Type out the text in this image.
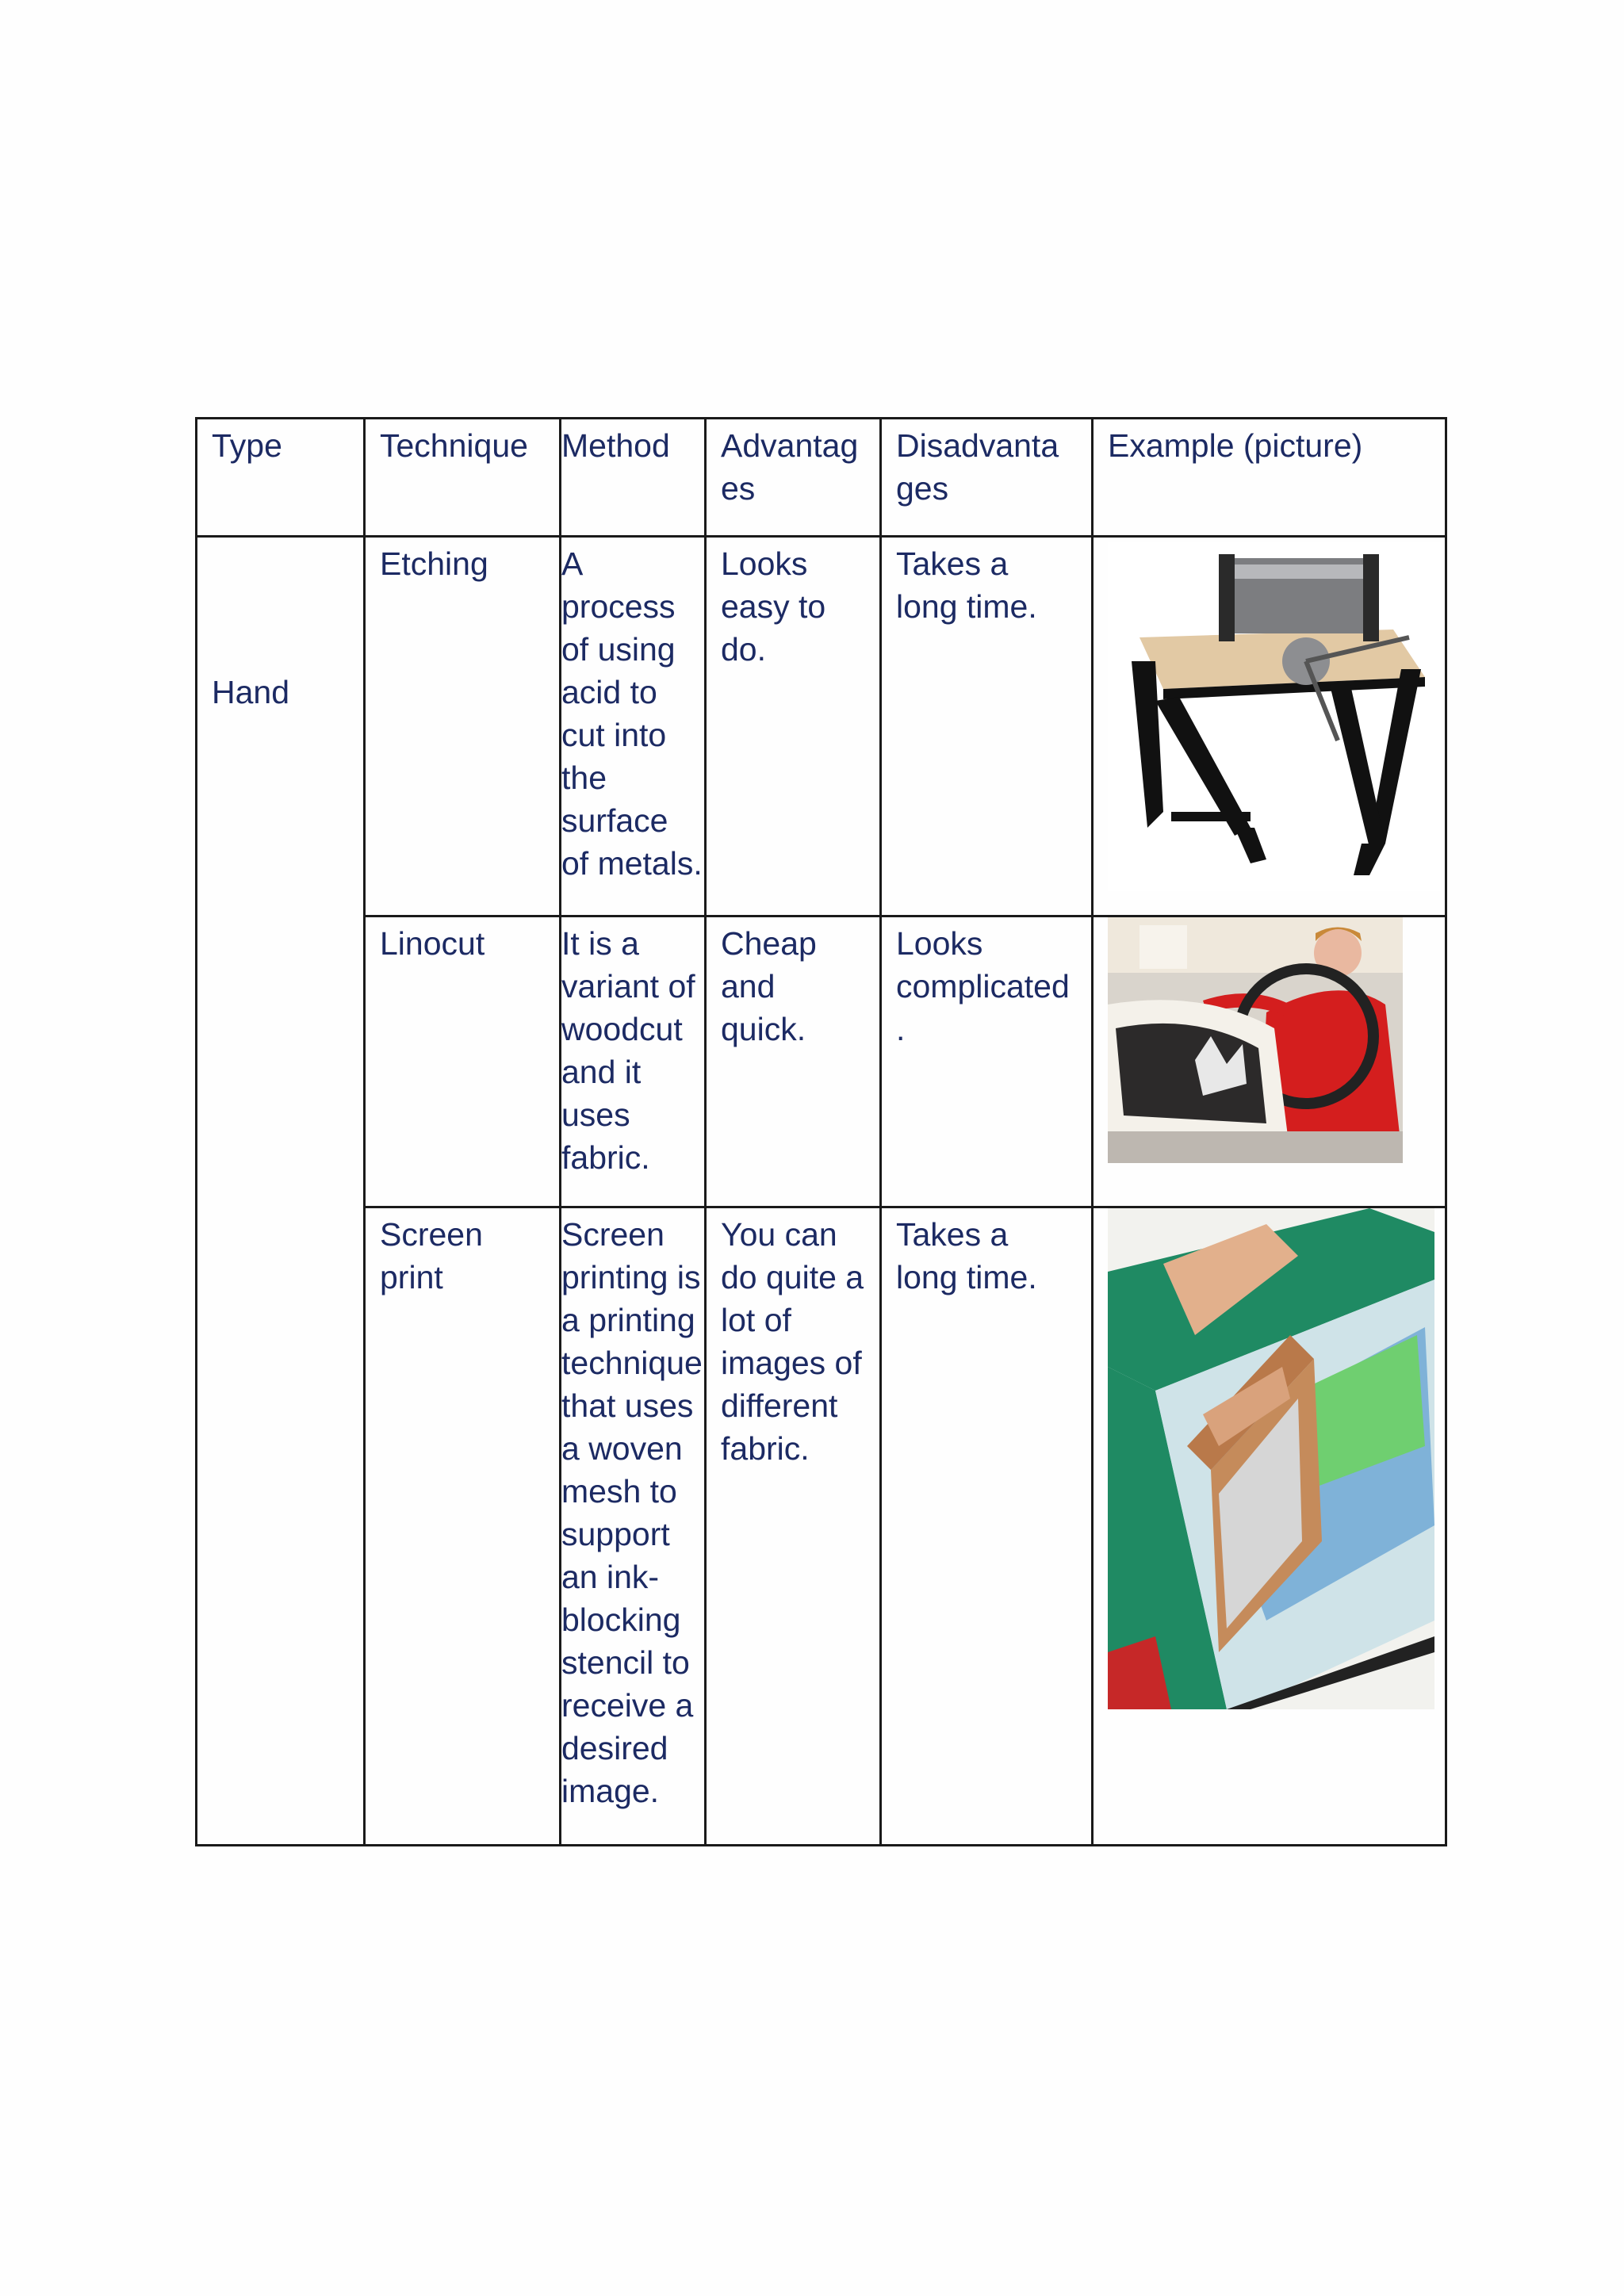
Type	Technique	Method	Advantag es	Disadvanta ges	Example (picture)

Hand	Etching	A process of using acid to cut into the surface of metals.	Looks easy to do.	Takes a long time.	

	Linocut	It is a variant of woodcut and it uses fabric.	Cheap and quick.	Looks complicated .	

	Screen print	Screen printing is a printing technique that uses a woven mesh to support an ink-blocking stencil to receive a desired image.	You can do quite a lot of images of different fabric.	Takes a long time.	
